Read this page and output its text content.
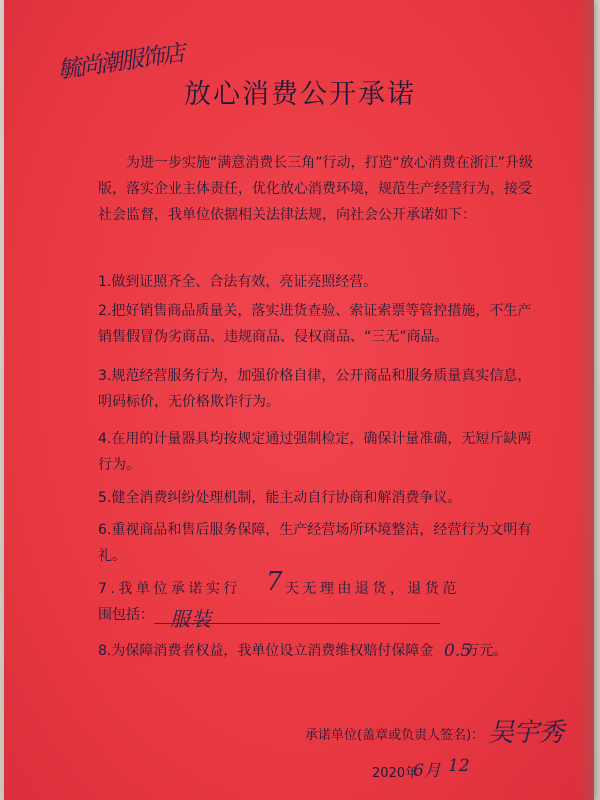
毓尚潮服饰店
放心消费公开承诺
为进一步实施“满意消费长三角”行动，打造“放心消费在浙江”升级版，落实企业主体责任，优化放心消费环境，规范生产经营行为，接受社会监督，我单位依据相关法律法规，向社会公开承诺如下：
1.做到证照齐全、合法有效，亮证亮照经营。
2.把好销售商品质量关，落实进货查验、索证索票等管控措施，不生产销售假冒伪劣商品、违规商品、侵权商品、“三无”商品。
3.规范经营服务行为，加强价格自律，公开商品和服务质量真实信息，明码标价，无价格欺诈行为。
4.在用的计量器具均按规定通过强制检定，确保计量准确，无短斤缺两行为。
5.健全消费纠纷处理机制，能主动自行协商和解消费争议。
6.重视商品和售后服务保障，生产经营场所环境整洁，经营行为文明有礼。
7.我单位承诺实行	天无理由退货，退货范
围包括：
7
服装
8.为保障消费者权益，我单位设立消费维权赔付保障金 万元。
0.5
承诺单位(盖章或负责人签名)： 吴宇秀
2020年
6月 12
